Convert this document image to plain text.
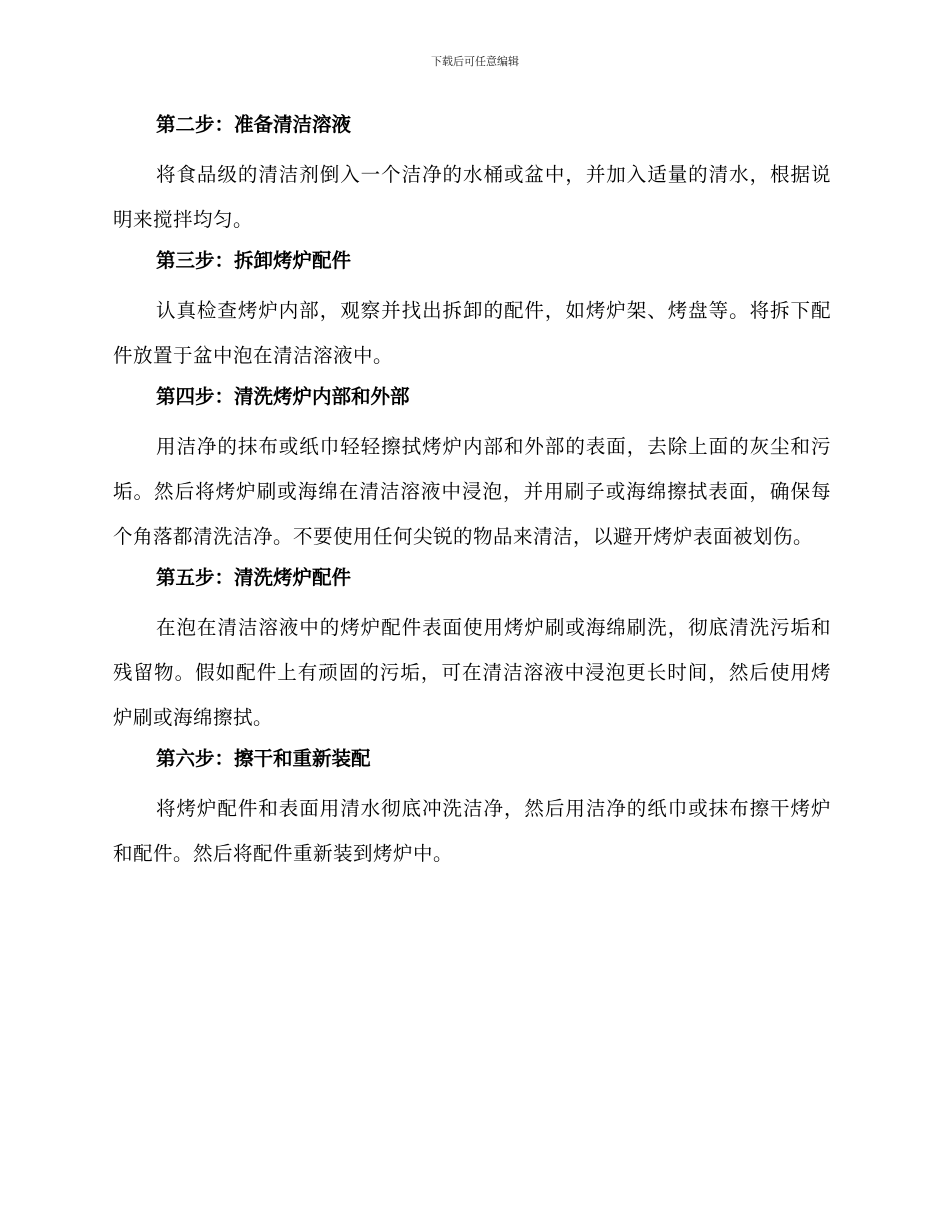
下载后可任意编辑

第二步：准备清洁溶液

将食品级的清洁剂倒入一个洁净的水桶或盆中，并加入适量的清水，根据说明来搅拌均匀。

第三步：拆卸烤炉配件

认真检查烤炉内部，观察并找出拆卸的配件，如烤炉架、烤盘等。将拆下配件放置于盆中泡在清洁溶液中。

第四步：清洗烤炉内部和外部

用洁净的抹布或纸巾轻轻擦拭烤炉内部和外部的表面，去除上面的灰尘和污垢。然后将烤炉刷或海绵在清洁溶液中浸泡，并用刷子或海绵擦拭表面，确保每个角落都清洗洁净。不要使用任何尖锐的物品来清洁，以避开烤炉表面被划伤。

第五步：清洗烤炉配件

在泡在清洁溶液中的烤炉配件表面使用烤炉刷或海绵刷洗，彻底清洗污垢和残留物。假如配件上有顽固的污垢，可在清洁溶液中浸泡更长时间，然后使用烤炉刷或海绵擦拭。

第六步：擦干和重新装配

将烤炉配件和表面用清水彻底冲洗洁净，然后用洁净的纸巾或抹布擦干烤炉和配件。然后将配件重新装到烤炉中。
